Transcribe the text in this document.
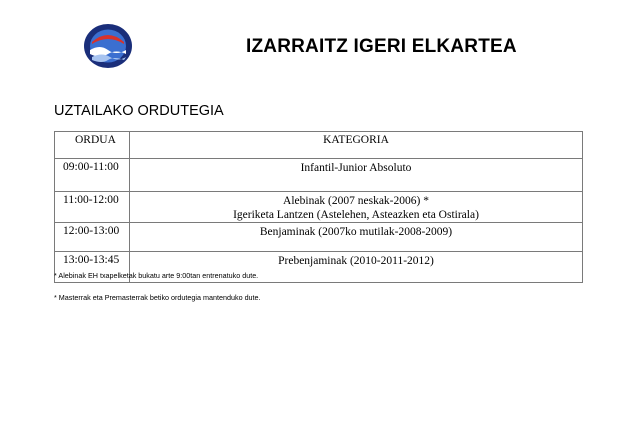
IZARRAITZ IGERI ELKARTEA
UZTAILAKO ORDUTEGIA
ORDUA	KATEGORIA
09:00-11:00	Infantil-Junior Absoluto

11:00-12:00	Alebinak (2007 neskak-2006) *
Igeriketa Lantzen (Astelehen, Asteazken eta Ostirala)

12:00-13:00	Benjaminak (2007ko mutilak-2008-2009)

13:00-13:45	Prebenjaminak (2010-2011-2012)
* Alebinak EH txapelketak bukatu arte 9:00tan entrenatuko dute.
* Masterrak eta Premasterrak betiko ordutegia mantenduko dute.
